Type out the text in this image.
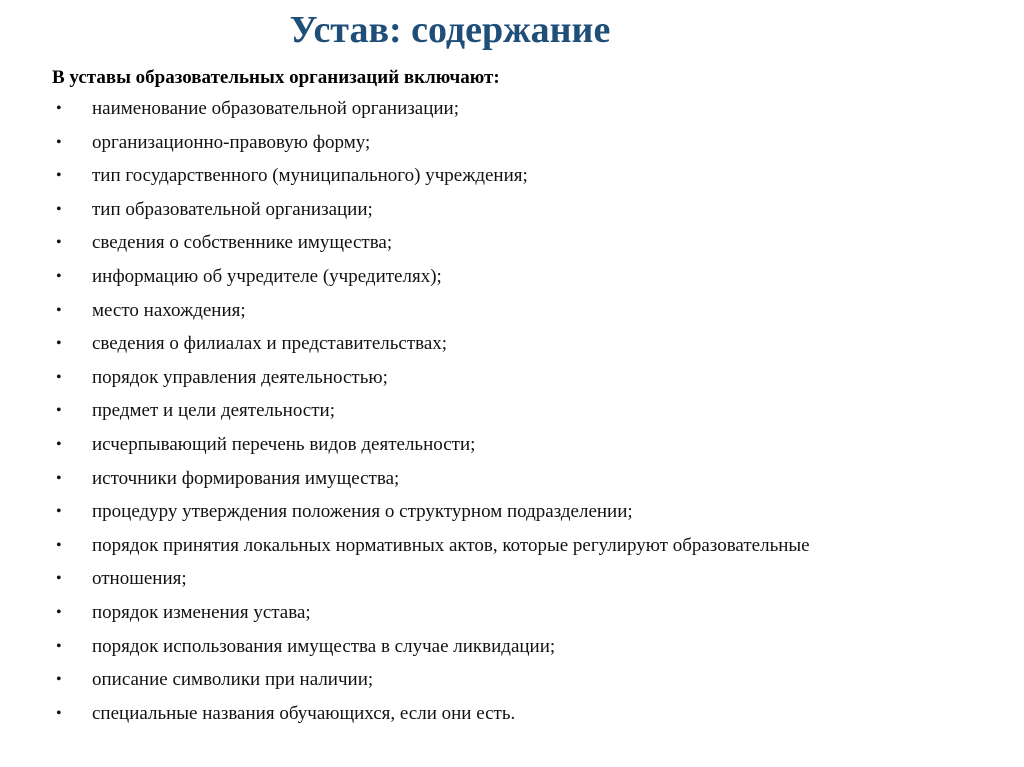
Устав: содержание

В уставы образовательных организаций включают:

•	наименование образовательной организации;
•	организационно-правовую форму;
•	тип государственного (муниципального) учреждения;
•	тип образовательной организации;
•	сведения о собственнике имущества;
•	информацию об учредителе (учредителях);
•	место нахождения;
•	сведения о филиалах и представительствах;
•	порядок управления деятельностью;
•	предмет и цели деятельности;
•	исчерпывающий перечень видов деятельности;
•	источники формирования имущества;
•	процедуру утверждения положения о структурном подразделении;
•	порядок принятия локальных нормативных актов, которые регулируют образовательные
•	отношения;
•	порядок изменения устава;
•	порядок использования имущества в случае ликвидации;
•	описание символики при наличии;
•	специальные названия обучающихся, если они есть.
